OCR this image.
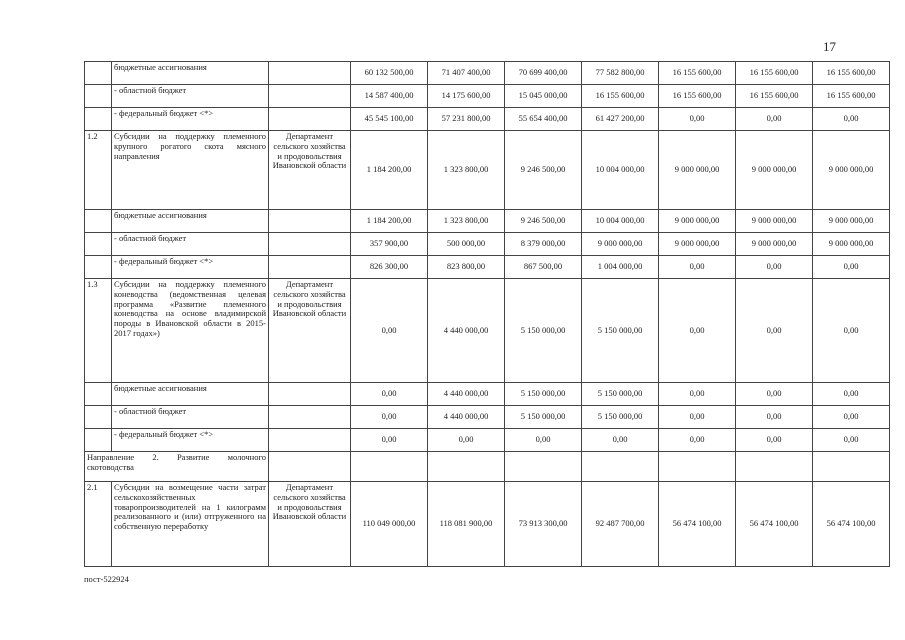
17
	бюджетные ассигнования		60 132 500,00	71 407 400,00	70 699 400,00	77 582 800,00	16 155 600,00	16 155 600,00	16 155 600,00
	- областной бюджет		14 587 400,00	14 175 600,00	15 045 000,00	16 155 600,00	16 155 600,00	16 155 600,00	16 155 600,00
	- федеральный бюджет <*>		45 545 100,00	57 231 800,00	55 654 400,00	61 427 200,00	0,00	0,00	0,00
1.2	Субсидии на поддержку племенного крупного рогатого скота мясного направления	Департамент сельского хозяйства и продовольствия Ивановской области	1 184 200,00	1 323 800,00	9 246 500,00	10 004 000,00	9 000 000,00	9 000 000,00	9 000 000,00
	бюджетные ассигнования		1 184 200,00	1 323 800,00	9 246 500,00	10 004 000,00	9 000 000,00	9 000 000,00	9 000 000,00
	- областной бюджет		357 900,00	500 000,00	8 379 000,00	9 000 000,00	9 000 000,00	9 000 000,00	9 000 000,00
	- федеральный бюджет <*>		826 300,00	823 800,00	867 500,00	1 004 000,00	0,00	0,00	0,00
1.3	Субсидии на поддержку племенного коневодства (ведомственная целевая программа «Развитие племенного коневодства на основе владимирской породы в Ивановской области в 2015-2017 годах»)	Департамент сельского хозяйства и продовольствия Ивановской области	0,00	4 440 000,00	5 150 000,00	5 150 000,00	0,00	0,00	0,00
	бюджетные ассигнования		0,00	4 440 000,00	5 150 000,00	5 150 000,00	0,00	0,00	0,00
	- областной бюджет		0,00	4 440 000,00	5 150 000,00	5 150 000,00	0,00	0,00	0,00
	- федеральный бюджет <*>		0,00	0,00	0,00	0,00	0,00	0,00	0,00
Направление 2. Развитие молочного скотоводства									
2.1	Субсидии на возмещение части затрат сельскохозяйственных товаропроизводителей на 1 килограмм реализованного и (или) отгруженного на собственную переработку	Департамент сельского хозяйства и продовольствия Ивановской области	110 049 000,00	118 081 900,00	73 913 300,00	92 487 700,00	56 474 100,00	56 474 100,00	56 474 100,00
пост-522924
